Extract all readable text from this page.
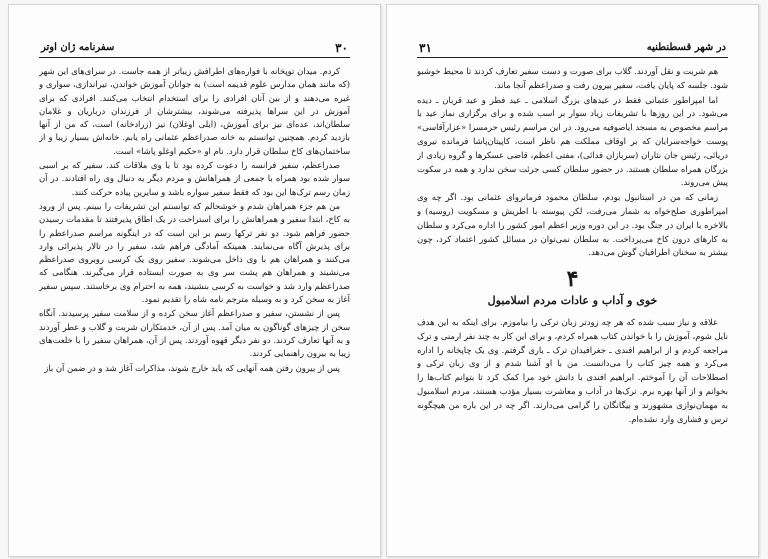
۳۰
سفرنامه ژان اوتر

کردم. میدان توپخانه با فواره‌های اطرافش زیباتر از همه جاست. در سرای‌های این شهر (که مانند همان مدارس علوم قدیمه است) به جوانان آموزش خواندن، تیراندازی، سواری و غیره می‌دهند و از بین آنان افرادی را برای استخدام انتخاب می‌کنند. افرادی که برای آموزش در این سراها پذیرفته می‌شوند، بیشترشان از فرزندان درباریان و غلامان سلطان‌اند، عده‌ای نیز برای آموزش، (ایلی اوغلان) نیز (زرادخانه) است، که من از آنها بازدید کردم. همچنین توانستم به خانه صدراعظم عثمانی راه یابم. خانه‌اش بسیار زیبا و از ساختمان‌های کاخ سلطان قرار دارد. نام او «حکیم اوغلو پاشا» است.

صدراعظم، سفیر فرانسه را دعوت کرده بود تا با وی ملاقات کند. سفیر که بر اسبی سوار شده بود همراه با جمعی از همراهانش و مردم دیگر به دنبال وی راه افتادند. در آن زمان رسم ترک‌ها این بود که فقط سفیر سواره باشد و سایرین پیاده حرکت کنند.

من هم جزء همراهان شدم و خوشحالم که توانستم این تشریفات را ببینم. پس از ورود به کاخ، ابتدا سفیر و همراهانش را برای استراحت در یک اطاق پذیرفتند تا مقدمات رسیدن حضور فراهم شود. دو نفر ترکها رسم بر این است که در اینگونه مراسم صدراعظم را برای پذیرش آگاه می‌نمایند. همینکه آمادگی فراهم شد، سفیر را در تالار پذیرائی وارد می‌کنند و همراهان هم با وی داخل می‌شوند. سفیر روی یک کرسی روبروی صدراعظم می‌نشیند و همراهان هم پشت سر وی به صورت ایستاده قرار می‌گیرند. هنگامی که صدراعظم وارد شد و خواست به کرسی بنشیند، همه به احترام وی برخاستند. سپس سفیر آغاز به سخن کرد و به وسیله مترجم نامه شاه را تقدیم نمود.

پس از نشستن، سفیر و صدراعظم آغاز سخن کرده و از سلامت سفیر پرسیدند. آنگاه سخن از چیزهای گوناگون به میان آمد. پس از آن، خدمتکاران شربت و گلاب و عطر آوردند و به آنها تعارف کردند. دو نفر دیگر قهوه آوردند. پس از آن، همراهان سفیر را با خلعت‌های زیبا به بیرون راهنمایی کردند.

پس از بیرون رفتن همه آنهایی که باید خارج شوند، مذاکرات آغاز شد و در ضمن آن باز

۳۱	در شهر قسطنطنیه

هم شربت و نقل آوردند. گلاب برای صورت و دست سفیر تعارف کردند تا محیط خوشبو شود. جلسه که پایان یافت، سفیر بیرون رفت و صدراعظم آنجا ماند.

اما امپراطور عثمانی فقط در عیدهای بزرگ اسلامی ـ عید فطر و عید قربان ـ دیده می‌شود. در این روزها با تشریفات زیاد سوار بر اسب شده و برای برگزاری نماز عید با مراسم مخصوص به مسجد ایاصوفیه می‌رود. در این مراسم رئیس حرمسرا «عزارآقاسی» پوست خواجه‌سرایان که بر اوقاف مملکت هم ناظر است، کاپیتان‌پاشا فرمانده نیروی دریائی، رئیس جان نثاران (سربازان فدائی)، مفتی اعظم، قاضی عسکرها و گروه زیادی از بزرگان همراه سلطان هستند. در حضور سلطان کسی جرئت سخن ندارد و همه در سکوت پیش می‌روند.

زمانی که من در استانبول بودم، سلطان محمود فرمانروای عثمانی بود. اگر چه وی امپراطوری صلح‌خواه به شمار می‌رفت، لکن پیوسته با اطریش و مسکویت (روسیه) و بالاخره با ایران در جنگ بود. در این دوره وزیر اعظم امور کشور را اداره می‌کرد و سلطان به کارهای درون کاخ می‌پرداخت. به سلطان نمی‌توان در مسائل کشور اعتماد کرد، چون بیشتر به سخنان اطرافیان گوش می‌دهد.

۴
خوی و آداب و عادات مردم اسلامبول

علاقه و نیاز سبب شده که هر چه زودتر زبان ترکی را بیاموزم. برای اینکه به این هدف نایل شوم، آموزش را با خواندن کتاب همراه کردم، و برای این کار به چند نفر ارمنی و ترک مراجعه کردم و از ابراهیم افندی ـ جغرافیدان ترک ـ یاری گرفتم. وی یک چاپخانه را اداره می‌کرد و همه چیز کتاب را می‌دانست. من با او آشنا شدم و از وی زبان ترکی و اصطلاحات آن را آموختم. ابراهیم افندی با دانش خود مرا کمک کرد تا بتوانم کتاب‌ها را بخوانم و از آنها بهره برم. ترک‌ها در آداب و معاشرت بسیار مؤدب هستند، مردم اسلامبول به مهمان‌نوازی مشهورند و بیگانگان را گرامی می‌دارند. اگر چه در این باره من هیچگونه ترس و فشاری وارد نشده‌ام.
